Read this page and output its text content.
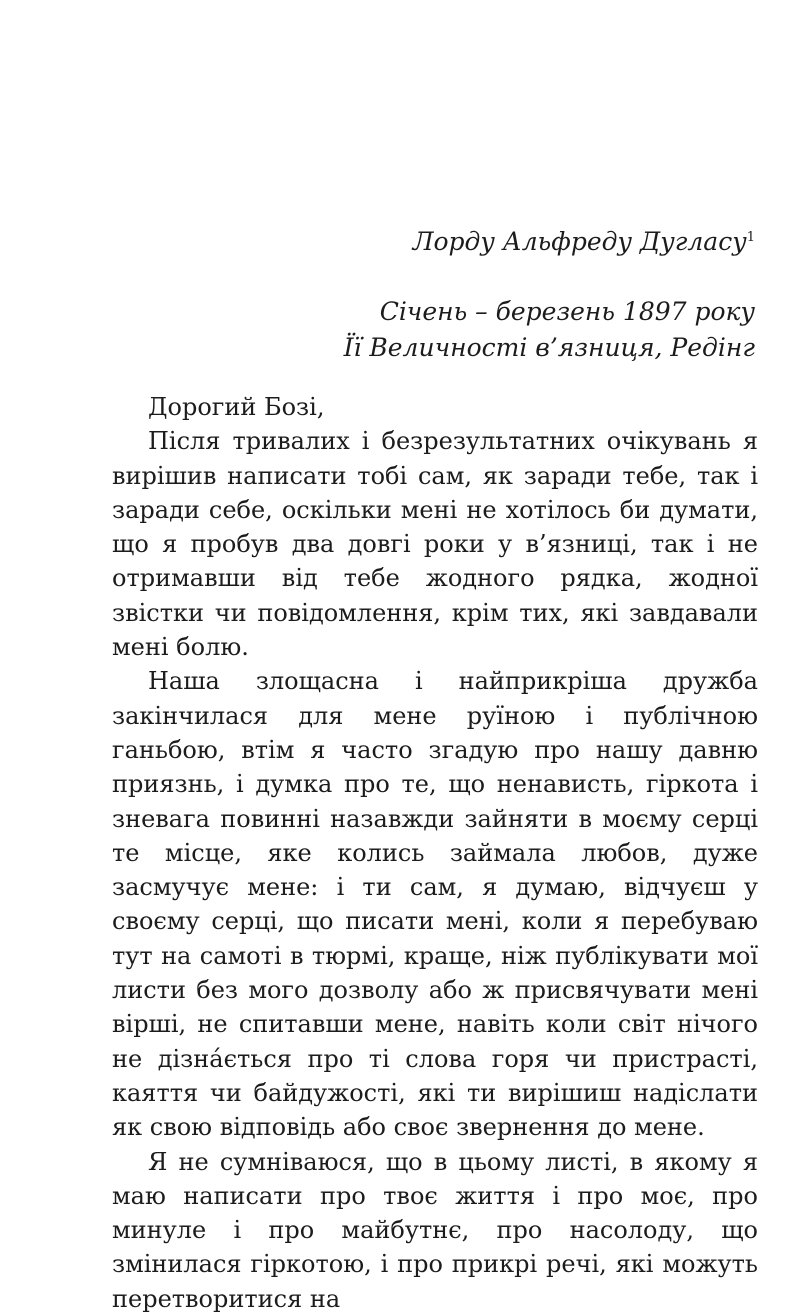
Лорду Альфреду Дугласу$^1$
Січень – березень 1897 року
Її Величності в’язниця, Редінг

Дорогий Бозі,

Після тривалих і безрезультатних очікувань я вирішив написати тобі сам, як заради тебе, так і заради себе, оскільки мені не хотілось би думати, що я пробув два довгі роки у в’язниці, так і не отримавши від тебе жодного рядка, жодної звістки чи повідомлення, крім тих, які завдавали мені болю.

Наша злощасна і найприкріша дружба закінчилася для мене руїною і публічною ганьбою, втім я часто згадую про нашу давню приязнь, і думка про те, що ненависть, гіркота і зневага повинні назавжди зайняти в моєму серці те місце, яке колись займала любов, дуже засмучує мене: і ти сам, я думаю, відчуєш у своєму серці, що писати мені, коли я перебуваю тут на самоті в тюрмі, краще, ніж публікувати мої листи без мого дозволу або ж присвячувати мені вірші, не спитавши мене, навіть коли світ нічого не дізна́ється про ті слова горя чи пристрасті, каяття чи байдужості, які ти вирішиш надіслати як свою відповідь або своє звернення до мене.

Я не сумніваюся, що в цьому листі, в якому я маю написати про твоє життя і про моє, про минуле і про майбутнє, про насолоду, що змінилася гіркотою, і про прикрі речі, які можуть перетворитися на
